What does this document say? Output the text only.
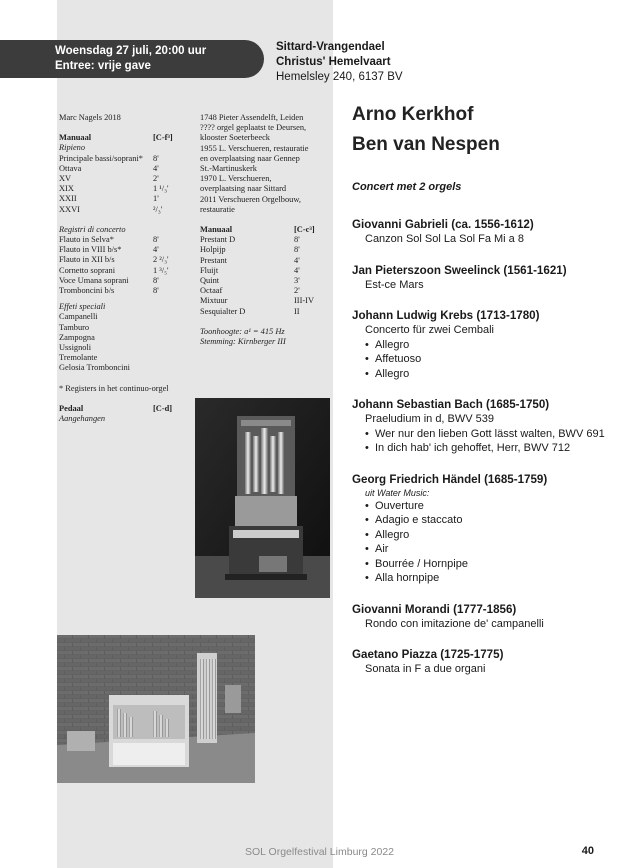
Woensdag 27 juli, 20:00 uur
Entree: vrije gave
Sittard-Vrangendael
Christus' Hemelvaart
Hemelsley 240, 6137 BV
Marc Nagels 2018
Manuaal	[C-f³]
Ripieno
Principale bassi/soprani*	8'
Ottava	4'
XV	2'
XIX	1 ¹/₃'
XXII	1'
XXVI	²/₃'
Registri di concerto
Flauto in Selva*	8'
Flauto in VIII b/s*	4'
Flauto in XII b/s	2 ²/₃'
Cornetto soprani	1 ³/₅'
Voce Umana soprani	8'
Trombonc​ini b/s	8'
Effeti speciali
Campanelli
Tamburo
Zampogna
Ussignoli
Tremolante
Gelosia Tromboncini
* Registers in het continuo-orgel
Pedaal	[C-d]
Aangehangen
1748 Pieter Assendelft, Leiden
???? orgel geplaatst te Deursen,
klooster Soeterbeeck
1955 L. Verschueren, restauratie
en overplaatsing naar Gennep
St.-Martinuskerk
1970 L. Verschueren,
overplaatsing naar Sittard
2011 Verschueren Orgelbouw,
restauratie
Manuaal	[C-c³]
Prestant D	8'
Holpijp	8'
Prestant	4'
Fluijt	4'
Quint	3'
Octaaf	2'
Mixtuur	III-IV
Sesquialter D	II
Toonhoogte: a¹ = 415 Hz
Stemming: Kirnberger III
Arno Kerkhof
Ben van Nespen
Concert met 2 orgels
Giovanni Gabrieli (ca. 1556-1612)
Canzon Sol Sol La Sol Fa Mi a 8
Jan Pieterszoon Sweelinck (1561-1621)
Est-ce Mars
Johann Ludwig Krebs (1713-1780)
Concerto für zwei Cembali
• Allegro
• Affetuoso
• Allegro
Johann Sebastian Bach (1685-1750)
Praeludium in d, BWV 539
• Wer nur den lieben Gott lässt walten, BWV 691
• In dich hab' ich gehoffet, Herr, BWV 712
Georg Friedrich Händel (1685-1759)
uit Water Music:
• Ouverture
• Adagio e staccato
• Allegro
• Air
• Bourrée / Hornpipe
• Alla hornpipe
Giovanni Morandi (1777-1856)
Rondo con imitazione de' campanelli
Gaetano Piazza (1725-1775)
Sonata in F a due organi
SOL Orgelfestival Limburg 2022	40
